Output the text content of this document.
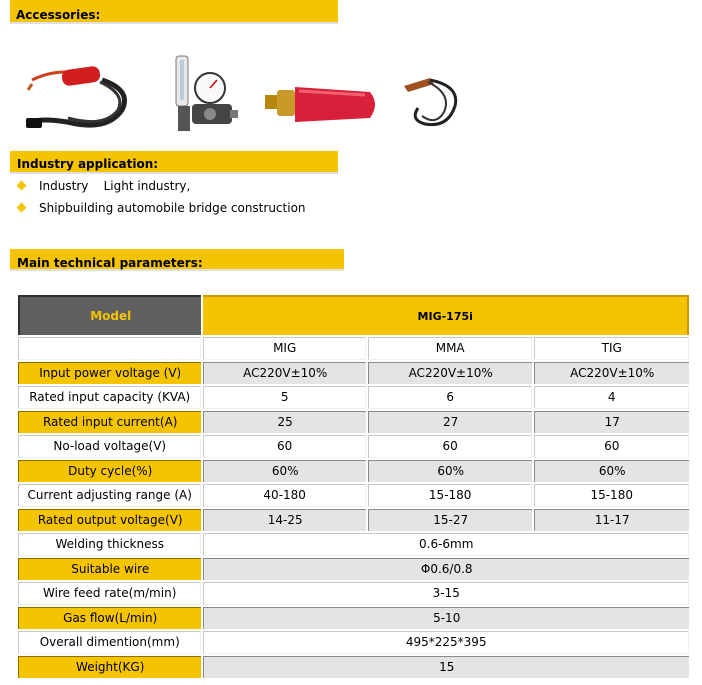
Accessories:
Industry application:
Industry    Light industry,
Shipbuilding automobile bridge construction
Main technical parameters:
Model	MIG-175i		
	MIG	MMA	TIG
Input power voltage (V)	AC220V±10%	AC220V±10%	AC220V±10%
Rated input capacity (KVA)	5	6	4
Rated input current(A)	25	27	17
No-load voltage(V)	60	60	60
Duty cycle(%)	60%	60%	60%
Current adjusting range (A)	40-180	15-180	15-180
Rated output voltage(V)	14-25	15-27	11-17
Welding thickness	0.6-6mm		
Suitable wire	Φ0.6/0.8		
Wire feed rate(m/min)	3-15		
Gas flow(L/min)	5-10		
Overall dimention(mm)	495*225*395		
Weight(KG)	15		
